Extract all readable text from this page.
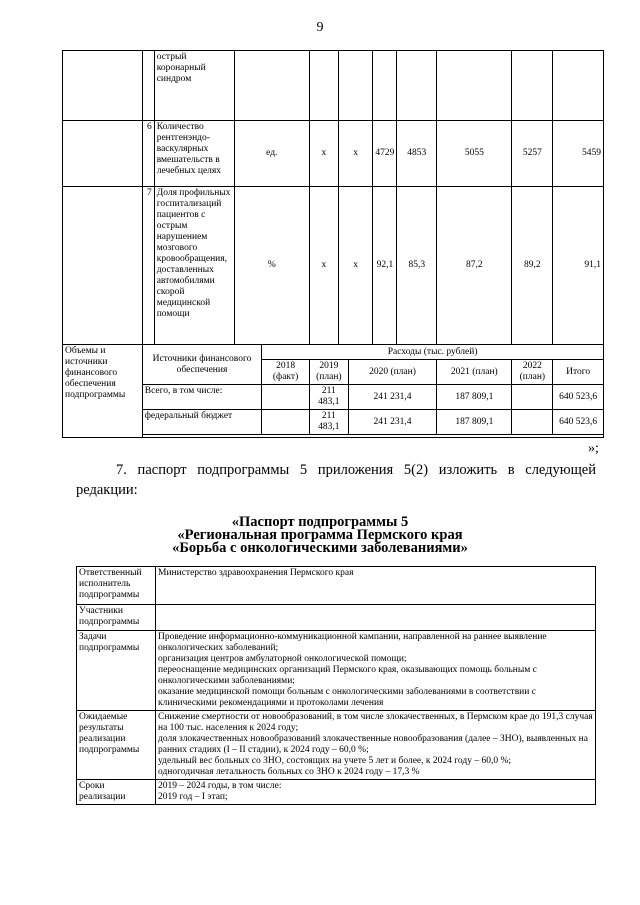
9
		острый коронарный синдром										
	6	Количество рентгенэндо-васкулярных вмешательств в лечебных целях	ед.		x	x		4729	4853	5055	5257	5459
	7	Доля профильных госпитализаций пациентов с острым нарушением мозгового кровообращения, доставленных автомобилями скорой медицинской помощи	%		x	x		92,1	85,3	87,2	89,2	91,1
Объемы и источники финансового обеспечения подпрограммы	Источники финансового обеспечения			Расходы (тыс. рублей)								
				2018 (факт)	2019 (план)		2020 (план)			2021 (план)	2022 (план)	Итого
	Всего, в том числе:				211 483,1		241 231,4			187 809,1		640 523,6
	федеральный бюджет				211 483,1		241 231,4			187 809,1		640 523,6

»;
7. паспорт подпрограммы 5 приложения 5(2) изложить в следующей редакции:
«Паспорт подпрограммы 5
«Региональная программа Пермского края
«Борьба с онкологическими заболеваниями»
Ответственный исполнитель подпрограммы	Министерство здравоохранения Пермского края

Участники подпрограммы	

Задачи подпрограммы	Проведение информационно-коммуникационной кампании, направленной на раннее выявление онкологических заболеваний;
организация центров амбулаторной онкологической помощи;
переоснащение медицинских организаций Пермского края, оказывающих помощь больным с онкологическими заболеваниями;
оказание медицинской помощи больным с онкологическими заболеваниями в соответствии с клиническими рекомендациями и протоколами лечения

Ожидаемые результаты реализации подпрограммы	Снижение смертности от новообразований, в том числе злокачественных, в Пермском крае до 191,3 случая на 100 тыс. населения к 2024 году;
доля злокачественных новообразований злокачественные новообразования (далее – ЗНО), выявленных на ранних стадиях (I – II стадии), к 2024 году – 60,0 %;
удельный вес больных со ЗНО, состоящих на учете 5 лет и более, к 2024 году – 60,0 %;
одногодичная летальность больных со ЗНО к 2024 году – 17,3 %

Сроки реализации	2019 – 2024 годы, в том числе:
2019 год – I этап;
